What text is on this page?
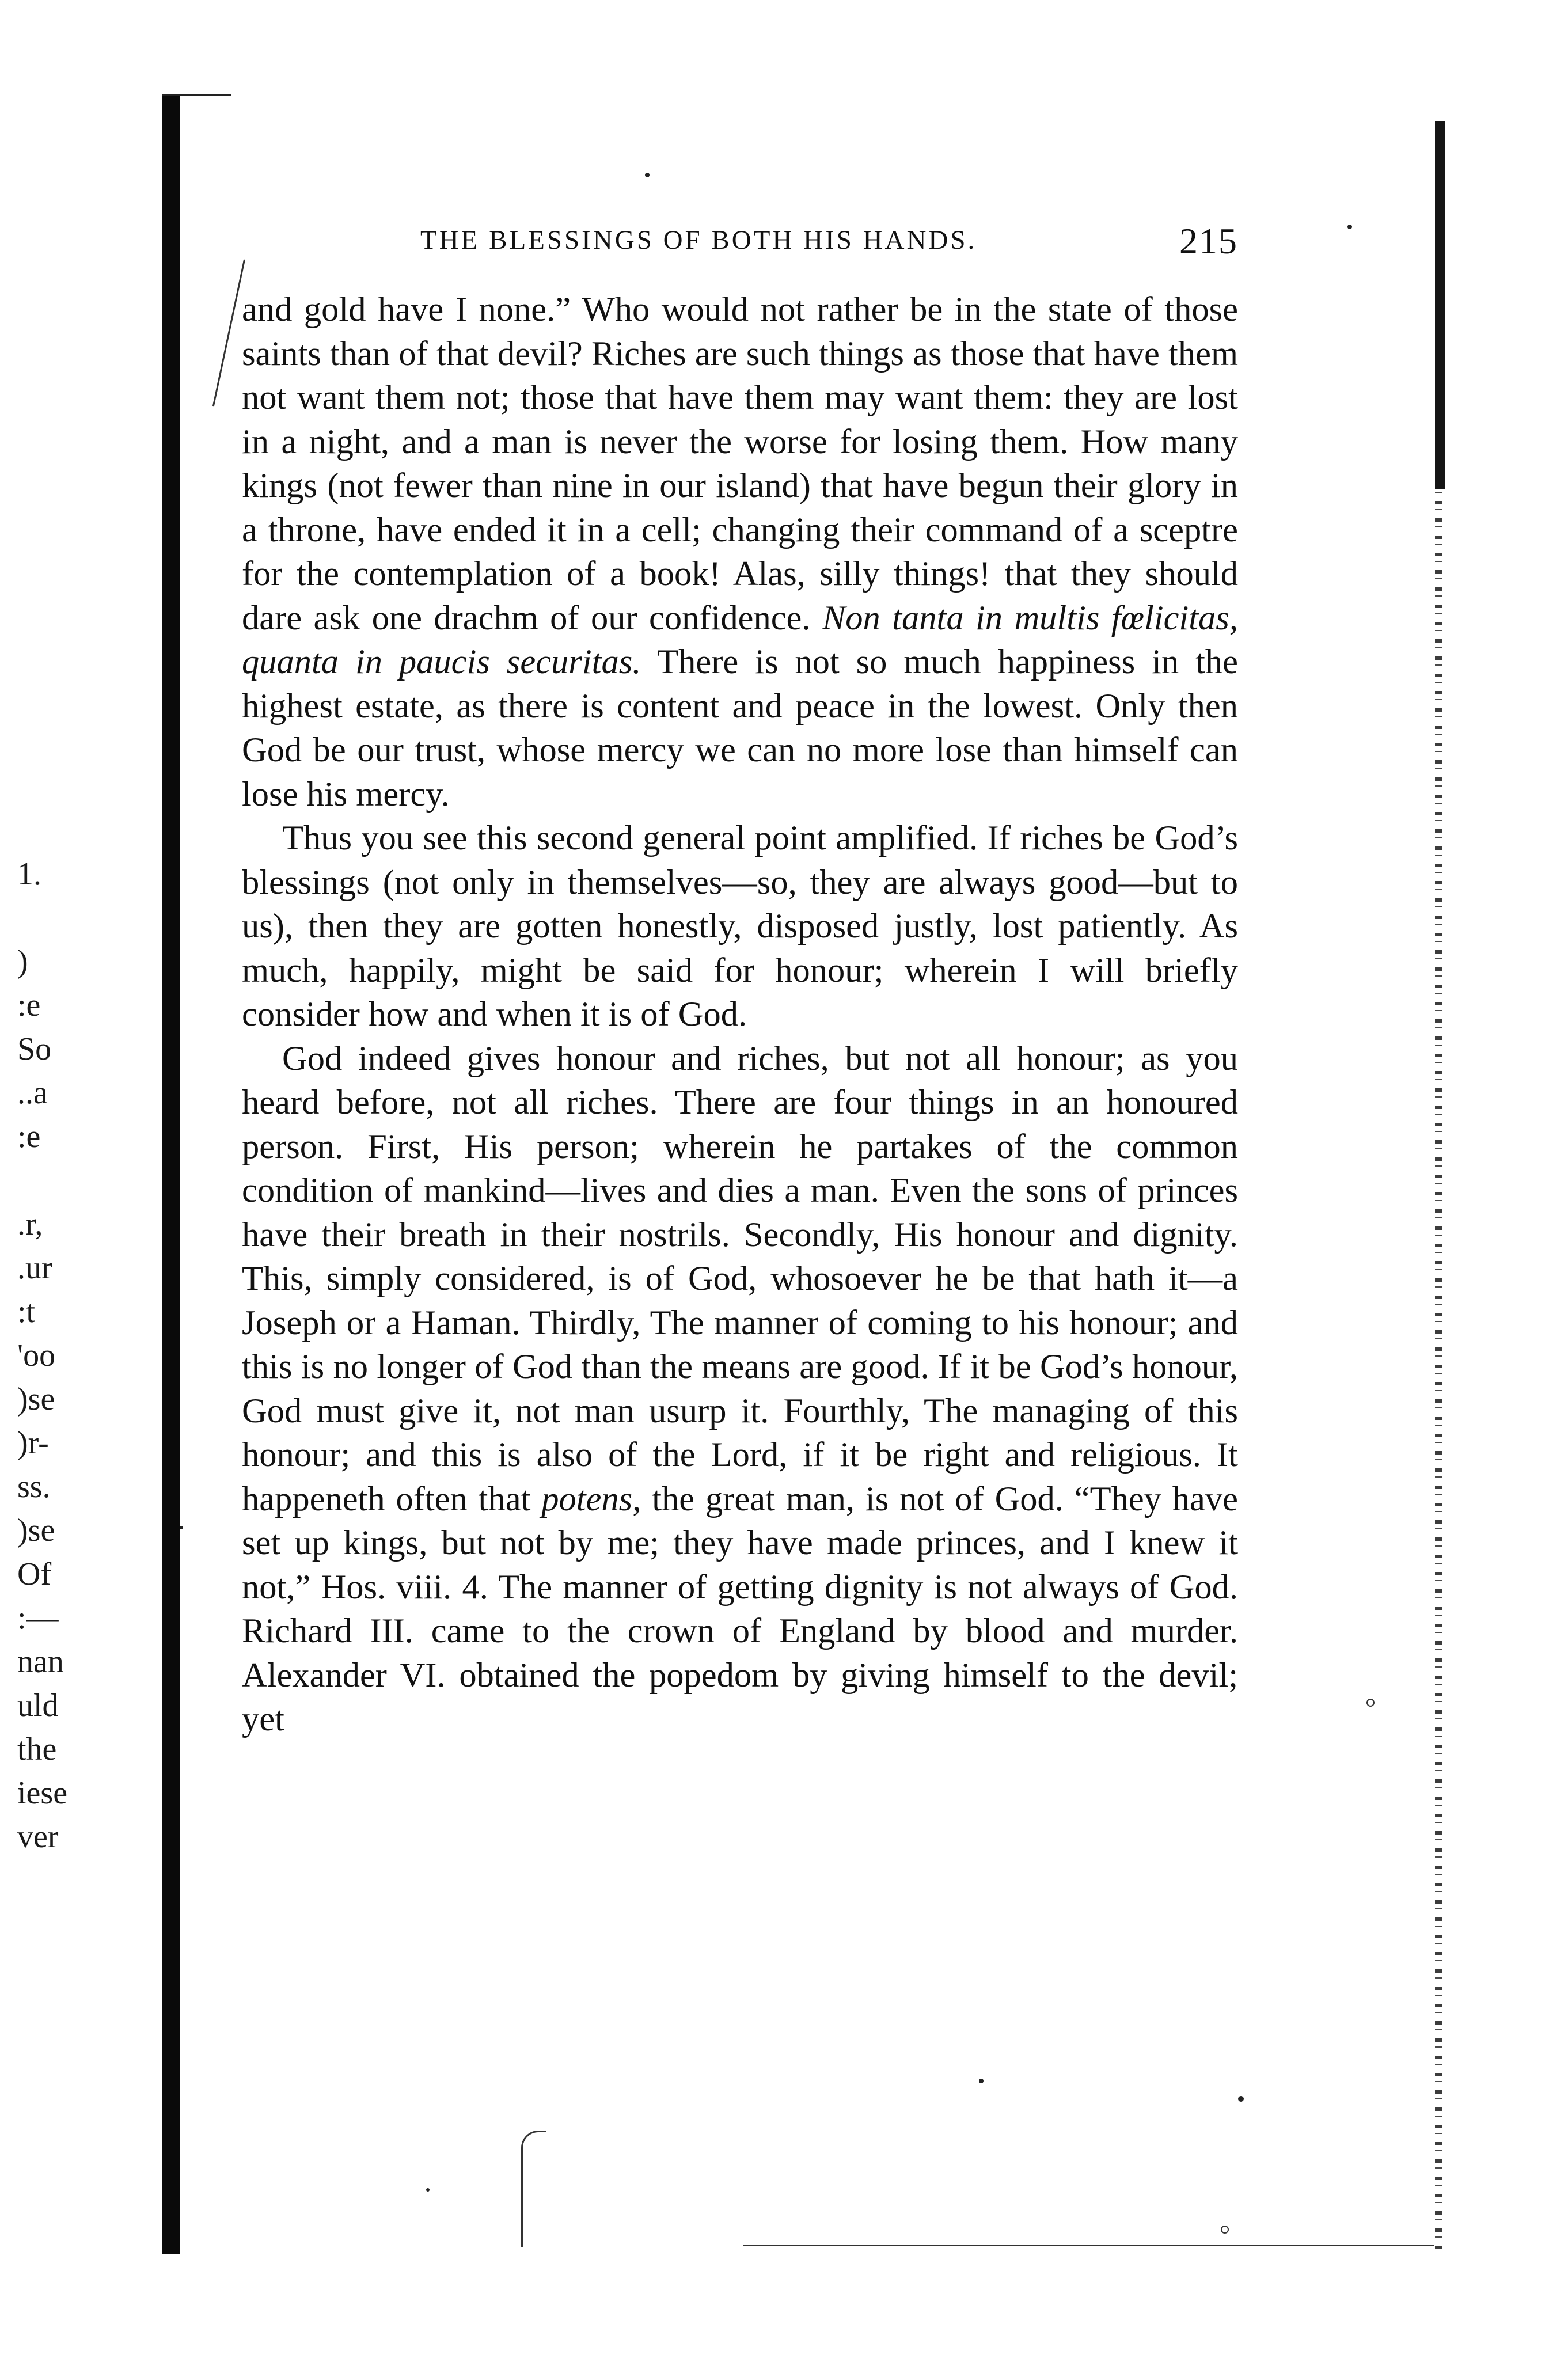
1.
)
:e
So
..a
:e
.r,
.ur
:t
'oo
)se
)r-
ss.
)se
Of
:—
nan
uld
the
iese
ver
THE BLESSINGS OF BOTH HIS HANDS.	215

and gold have I none.” Who would not rather be in the state of those saints than of that devil? Riches are such things as those that have them not want them not; those that have them may want them: they are lost in a night, and a man is never the worse for losing them. How many kings (not fewer than nine in our island) that have begun their glory in a throne, have ended it in a cell; changing their command of a sceptre for the contemplation of a book! Alas, silly things! that they should dare ask one drachm of our confidence. Non tanta in multis fœlicitas, quanta in paucis securitas. There is not so much happiness in the highest estate, as there is content and peace in the lowest. Only then God be our trust, whose mercy we can no more lose than himself can lose his mercy.

Thus you see this second general point amplified. If riches be God’s blessings (not only in themselves—so, they are always good—but to us), then they are gotten honestly, disposed justly, lost patiently. As much, happily, might be said for honour; wherein I will briefly consider how and when it is of God.

God indeed gives honour and riches, but not all honour; as you heard before, not all riches. There are four things in an honoured person. First, His person; wherein he partakes of the common condition of mankind—lives and dies a man. Even the sons of princes have their breath in their nostrils. Secondly, His honour and dignity. This, simply considered, is of God, whosoever he be that hath it—a Joseph or a Haman. Thirdly, The manner of coming to his honour; and this is no longer of God than the means are good. If it be God’s honour, God must give it, not man usurp it. Fourthly, The managing of this honour; and this is also of the Lord, if it be right and religious. It happeneth often that potens, the great man, is not of God. “They have set up kings, but not by me; they have made princes, and I knew it not,” Hos. viii. 4. The manner of getting dignity is not always of God. Richard III. came to the crown of England by blood and murder. Alexander VI. obtained the popedom by giving himself to the devil; yet
